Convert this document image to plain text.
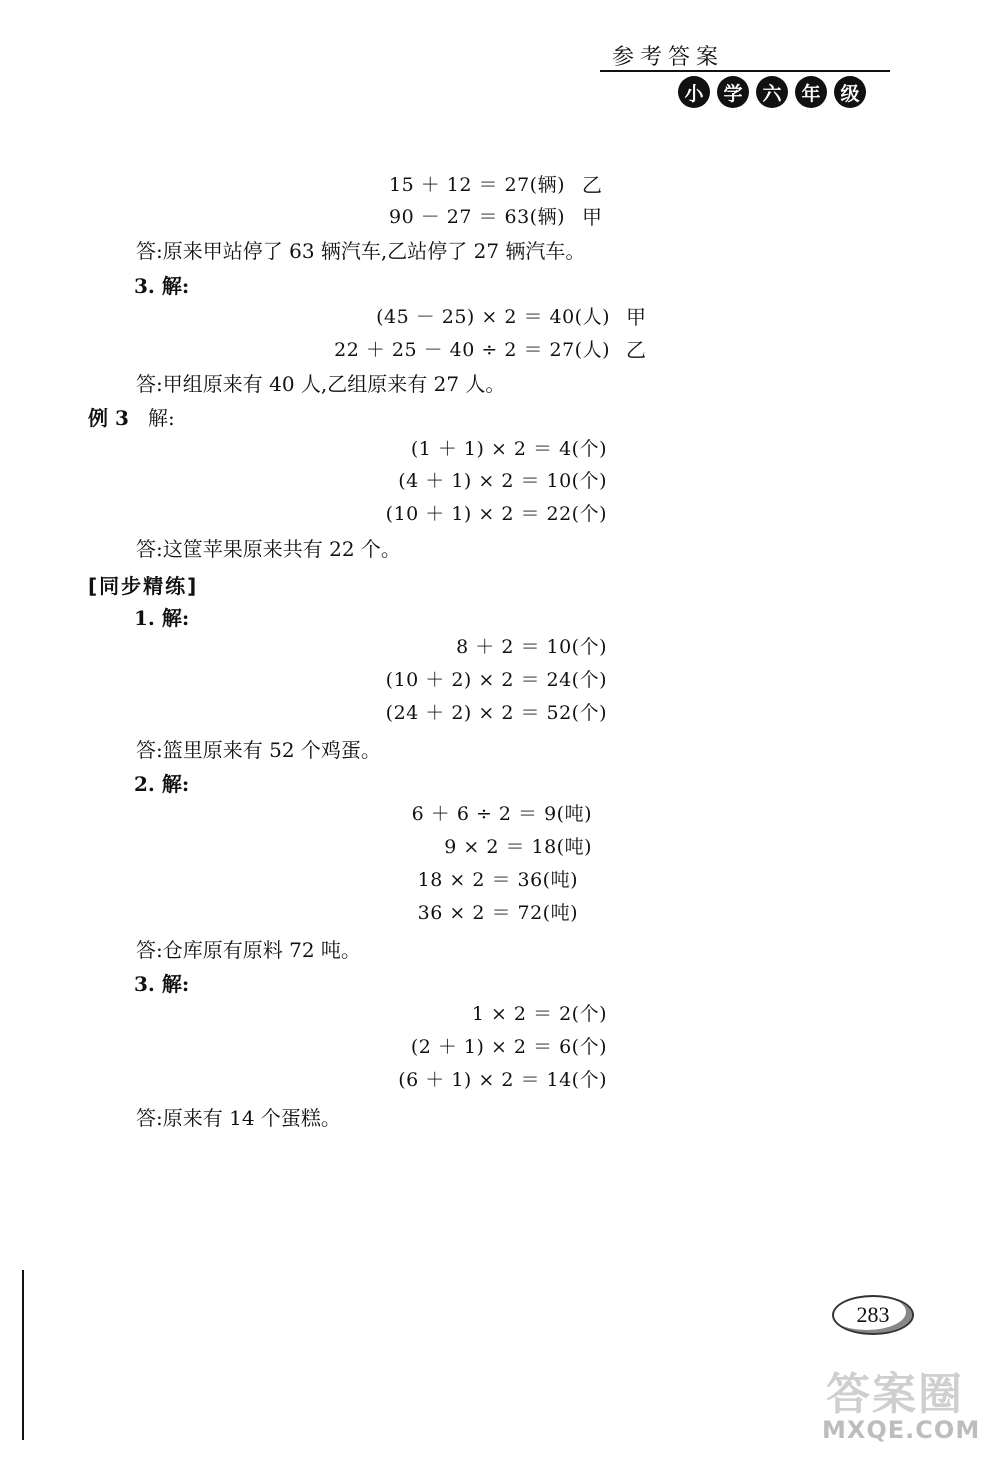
参考答案
小	学	六	年	级
15 ＋ 12 ＝ 27(辆) 乙
90 － 27 ＝ 63(辆) 甲
答:原来甲站停了 63 辆汽车,乙站停了 27 辆汽车。
3. 解:
(45 － 25) × 2 ＝ 40(人) 甲
22 ＋ 25 － 40 ÷ 2 ＝ 27(人) 乙
答:甲组原来有 40 人,乙组原来有 27 人。
例 3 解:
(1 ＋ 1) × 2 ＝ 4(个)
(4 ＋ 1) × 2 ＝ 10(个)
(10 ＋ 1) × 2 ＝ 22(个)
答:这筐苹果原来共有 22 个。
[同步精练]
1. 解:
8 ＋ 2 ＝ 10(个)
(10 ＋ 2) × 2 ＝ 24(个)
(24 ＋ 2) × 2 ＝ 52(个)
答:篮里原来有 52 个鸡蛋。
2. 解:
6 ＋ 6 ÷ 2 ＝ 9(吨)
9 × 2 ＝ 18(吨)
18 × 2 ＝ 36(吨)
36 × 2 ＝ 72(吨)
答:仓库原有原料 72 吨。
3. 解:
1 × 2 ＝ 2(个)
(2 ＋ 1) × 2 ＝ 6(个)
(6 ＋ 1) × 2 ＝ 14(个)
答:原来有 14 个蛋糕。
283
答案圈
MXQE.COM
